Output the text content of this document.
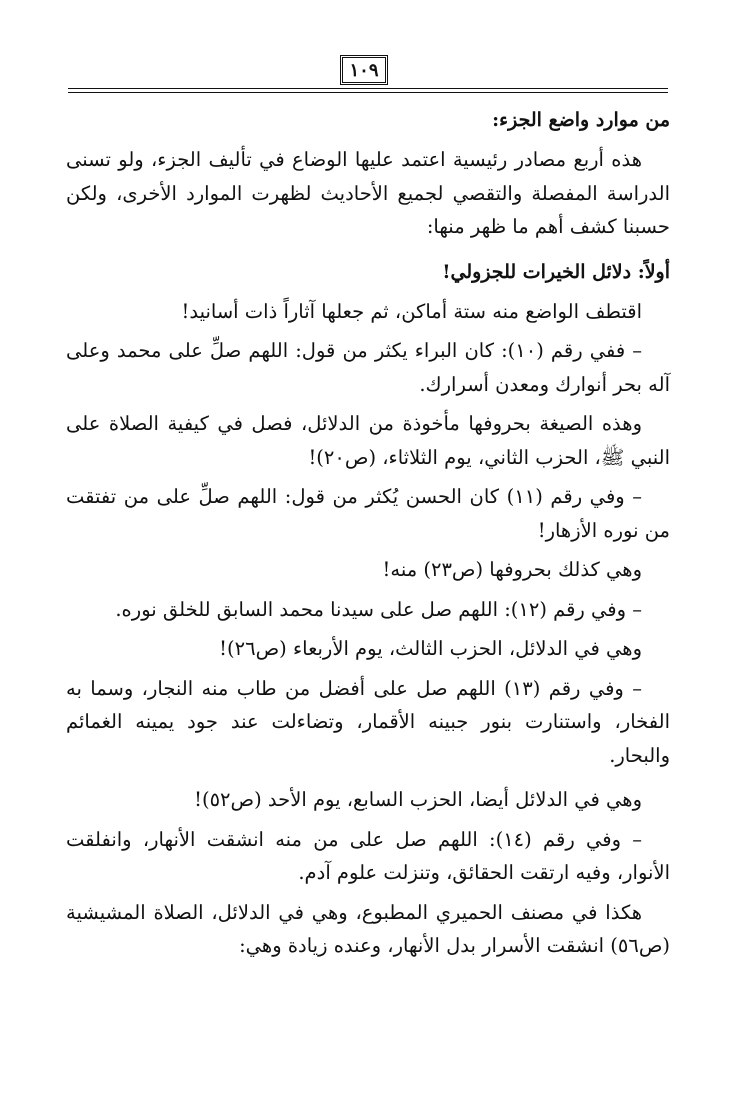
١٠٩
من موارد واضع الجزء:

هذه أربع مصادر رئيسية اعتمد عليها الوضاع في تأليف الجزء، ولو تسنى الدراسة المفصلة والتقصي لجميع الأحاديث لظهرت الموارد الأخرى، ولكن حسبنا كشف أهم ما ظهر منها:

أولاً: دلائل الخيرات للجزولي!

اقتطف الواضع منه ستة أماكن، ثم جعلها آثاراً ذات أسانيد!

– ففي رقم (١٠): كان البراء يكثر من قول: اللهم صلِّ على محمد وعلى آله بحر أنوارك ومعدن أسرارك.

وهذه الصيغة بحروفها مأخوذة من الدلائل، فصل في كيفية الصلاة على النبي ﷺ، الحزب الثاني، يوم الثلاثاء، (ص٢٠)!

– وفي رقم (١١) كان الحسن يُكثر من قول: اللهم صلِّ على من تفتقت من نوره الأزهار!

وهي كذلك بحروفها (ص٢٣) منه!

– وفي رقم (١٢): اللهم صل على سيدنا محمد السابق للخلق نوره.

وهي في الدلائل، الحزب الثالث، يوم الأربعاء (ص٢٦)!

– وفي رقم (١٣) اللهم صل على أفضل من طاب منه النجار، وسما به الفخار، واستنارت بنور جبينه الأقمار، وتضاءلت عند جود يمينه الغمائم والبحار.

وهي في الدلائل أيضا، الحزب السابع، يوم الأحد (ص٥٢)!

– وفي رقم (١٤): اللهم صل على من منه انشقت الأنهار، وانفلقت الأنوار، وفيه ارتقت الحقائق، وتنزلت علوم آدم.

هكذا في مصنف الحميري المطبوع، وهي في الدلائل، الصلاة المشيشية (ص٥٦) انشقت الأسرار بدل الأنهار، وعنده زيادة وهي:
